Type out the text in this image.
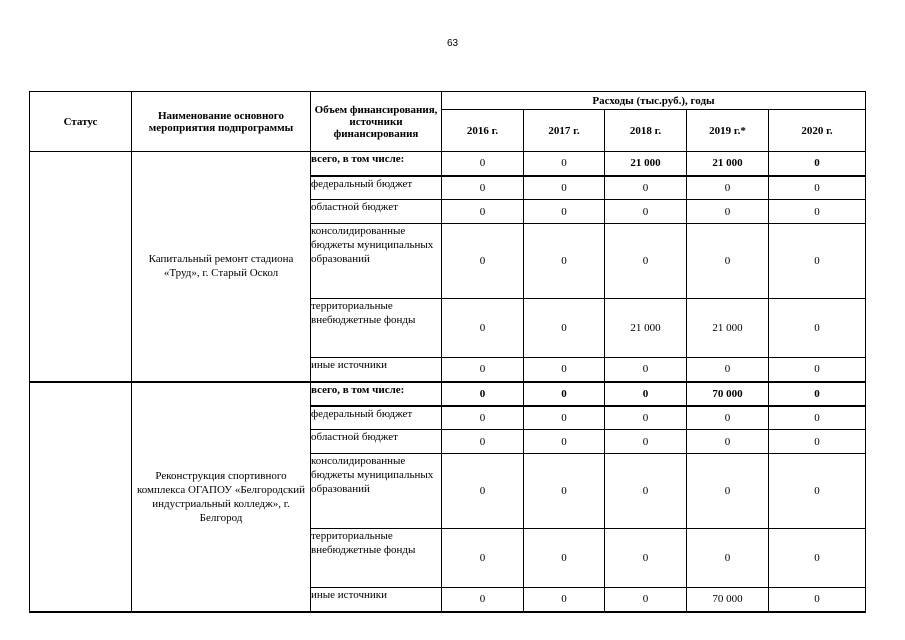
63
Статус	Наименование основного мероприятия подпрограммы	Объем финансирования, источники финансирования	Расходы (тыс.руб.), годы				
			2016 г.	2017 г.	2018 г.	2019 г.*	2020 г.
	Капитальный ремонт стадиона «Труд», г. Старый Оскол	всего, в том числе:	0	0	21 000	21 000	0
		федеральный бюджет	0	0	0	0	0
		областной бюджет	0	0	0	0	0
		консолидированные бюджеты муниципальных образований	0	0	0	0	0
		территориальные внебюджетные фонды	0	0	21 000	21 000	0
		иные источники	0	0	0	0	0
	Реконструкция спортивного комплекса ОГАПОУ «Белгородский индустриальный колледж», г. Белгород	всего, в том числе:	0	0	0	70 000	0
		федеральный бюджет	0	0	0	0	0
		областной бюджет	0	0	0	0	0
		консолидированные бюджеты муниципальных образований	0	0	0	0	0
		территориальные внебюджетные фонды	0	0	0	0	0
		иные источники	0	0	0	70 000	0
